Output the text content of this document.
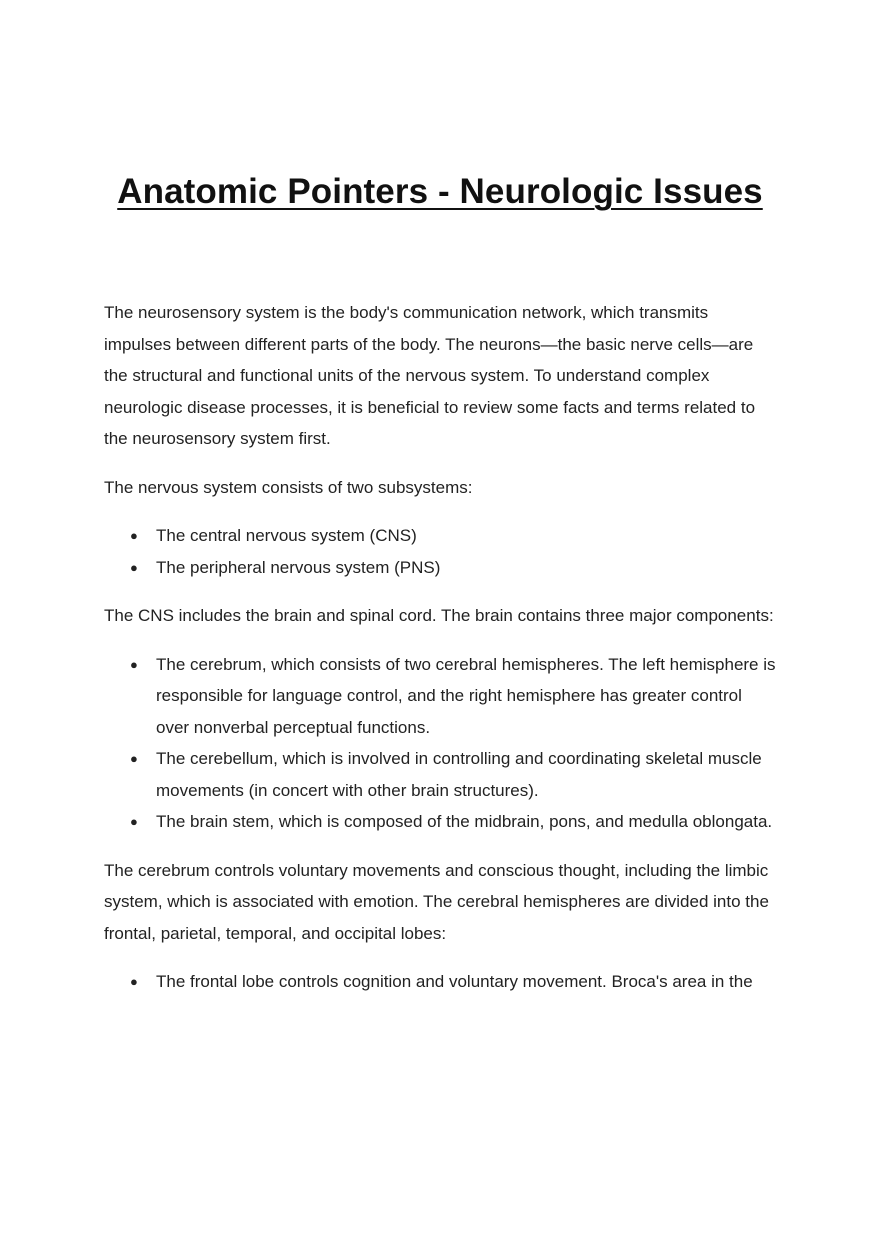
Anatomic Pointers - Neurologic Issues

The neurosensory system is the body's communication network, which transmits impulses between different parts of the body. The neurons—the basic nerve cells—are the structural and functional units of the nervous system. To understand complex neurologic disease processes, it is beneficial to review some facts and terms related to the neurosensory system first.

The nervous system consists of two subsystems:

● The central nervous system (CNS)
● The peripheral nervous system (PNS)

The CNS includes the brain and spinal cord. The brain contains three major components:

● The cerebrum, which consists of two cerebral hemispheres. The left hemisphere is responsible for language control, and the right hemisphere has greater control over nonverbal perceptual functions.
● The cerebellum, which is involved in controlling and coordinating skeletal muscle movements (in concert with other brain structures).
● The brain stem, which is composed of the midbrain, pons, and medulla oblongata.

The cerebrum controls voluntary movements and conscious thought, including the limbic system, which is associated with emotion. The cerebral hemispheres are divided into the frontal, parietal, temporal, and occipital lobes:

● The frontal lobe controls cognition and voluntary movement. Broca's area in the
